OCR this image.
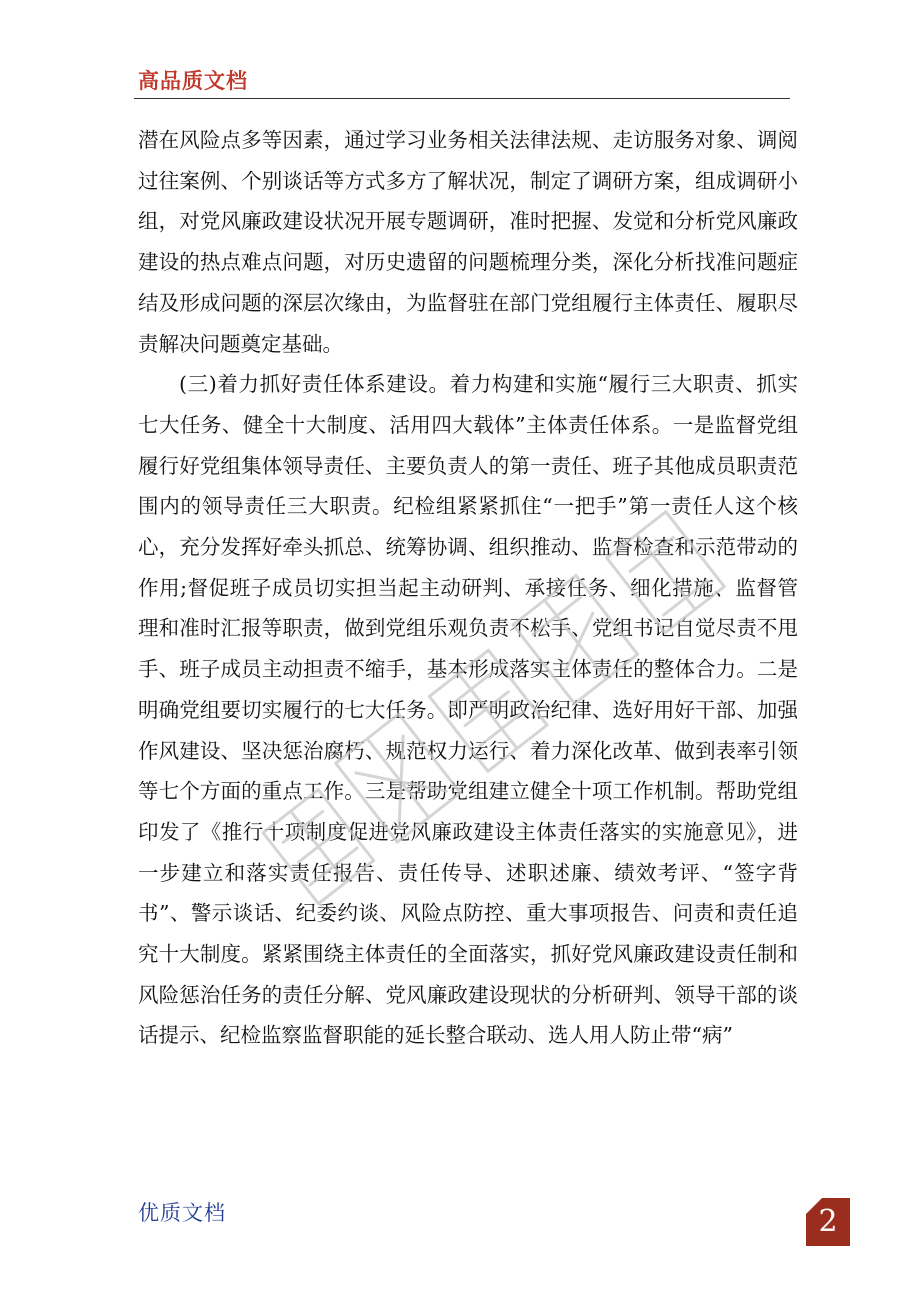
高品质文档

潜在风险点多等因素，通过学习业务相关法律法规、走访服务对象、调阅过往案例、个别谈话等方式多方了解状况，制定了调研方案，组成调研小组，对党风廉政建设状况开展专题调研，准时把握、发觉和分析党风廉政建设的热点难点问题，对历史遗留的问题梳理分类，深化分析找准问题症结及形成问题的深层次缘由，为监督驻在部门党组履行主体责任、履职尽责解决问题奠定基础。

(三)着力抓好责任体系建设。着力构建和实施“履行三大职责、抓实七大任务、健全十大制度、活用四大载体”主体责任体系。一是监督党组履行好党组集体领导责任、主要负责人的第一责任、班子其他成员职责范围内的领导责任三大职责。纪检组紧紧抓住“一把手”第一责任人这个核心，充分发挥好牵头抓总、统筹协调、组织推动、监督检查和示范带动的作用;督促班子成员切实担当起主动研判、承接任务、细化措施、监督管理和准时汇报等职责，做到党组乐观负责不松手、党组书记自觉尽责不甩手、班子成员主动担责不缩手，基本形成落实主体责任的整体合力。二是明确党组要切实履行的七大任务。即严明政治纪律、选好用好干部、加强作风建设、坚决惩治腐朽、规范权力运行、着力深化改革、做到表率引领等七个方面的重点工作。三是帮助党组建立健全十项工作机制。帮助党组印发了《推行十项制度促进党风廉政建设主体责任落实的实施意见》，进一步建立和落实责任报告、责任传导、述职述廉、绩效考评、“签字背书”、警示谈话、纪委约谈、风险点防控、重大事项报告、问责和责任追究十大制度。紧紧围绕主体责任的全面落实，抓好党风廉政建设责任制和风险惩治任务的责任分解、党风廉政建设现状的分析研判、领导干部的谈话提示、纪检监察监督职能的延长整合联动、选人用人防止带“病”

优质文档	2
